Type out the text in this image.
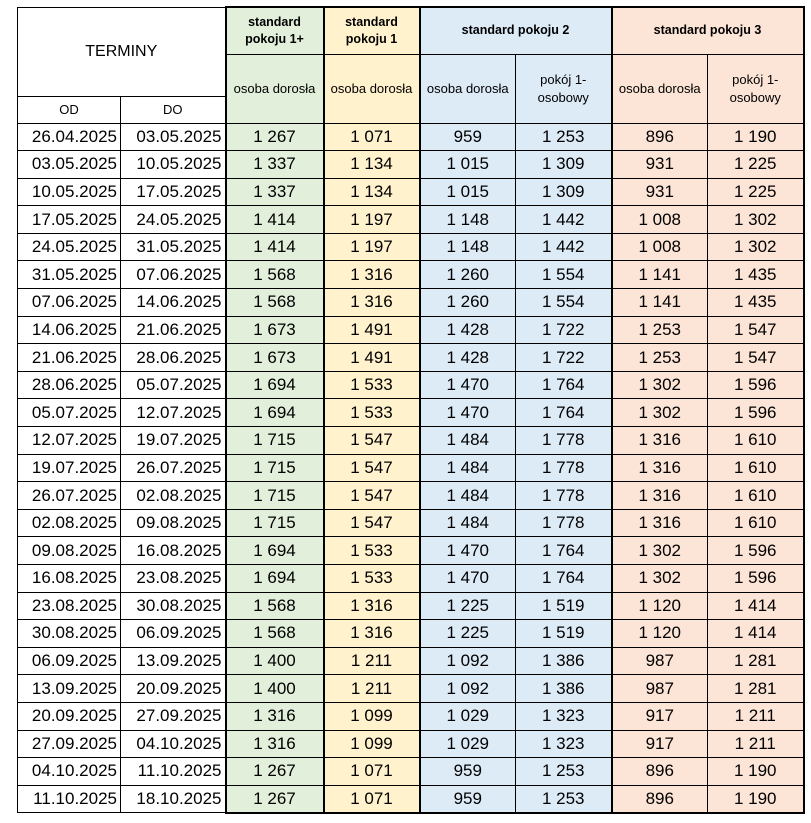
TERMINY		standard pokoju 1+	standard pokoju 1	standard pokoju 2		standard pokoju 3	
		osoba dorosła	osoba dorosła	osoba dorosła	pokój 1-osobowy	osoba dorosła	pokój 1-osobowy
OD	DO						
26.04.2025	03.05.2025	1 267	1 071	959	1 253	896	1 190
03.05.2025	10.05.2025	1 337	1 134	1 015	1 309	931	1 225
10.05.2025	17.05.2025	1 337	1 134	1 015	1 309	931	1 225
17.05.2025	24.05.2025	1 414	1 197	1 148	1 442	1 008	1 302
24.05.2025	31.05.2025	1 414	1 197	1 148	1 442	1 008	1 302
31.05.2025	07.06.2025	1 568	1 316	1 260	1 554	1 141	1 435
07.06.2025	14.06.2025	1 568	1 316	1 260	1 554	1 141	1 435
14.06.2025	21.06.2025	1 673	1 491	1 428	1 722	1 253	1 547
21.06.2025	28.06.2025	1 673	1 491	1 428	1 722	1 253	1 547
28.06.2025	05.07.2025	1 694	1 533	1 470	1 764	1 302	1 596
05.07.2025	12.07.2025	1 694	1 533	1 470	1 764	1 302	1 596
12.07.2025	19.07.2025	1 715	1 547	1 484	1 778	1 316	1 610
19.07.2025	26.07.2025	1 715	1 547	1 484	1 778	1 316	1 610
26.07.2025	02.08.2025	1 715	1 547	1 484	1 778	1 316	1 610
02.08.2025	09.08.2025	1 715	1 547	1 484	1 778	1 316	1 610
09.08.2025	16.08.2025	1 694	1 533	1 470	1 764	1 302	1 596
16.08.2025	23.08.2025	1 694	1 533	1 470	1 764	1 302	1 596
23.08.2025	30.08.2025	1 568	1 316	1 225	1 519	1 120	1 414
30.08.2025	06.09.2025	1 568	1 316	1 225	1 519	1 120	1 414
06.09.2025	13.09.2025	1 400	1 211	1 092	1 386	987	1 281
13.09.2025	20.09.2025	1 400	1 211	1 092	1 386	987	1 281
20.09.2025	27.09.2025	1 316	1 099	1 029	1 323	917	1 211
27.09.2025	04.10.2025	1 316	1 099	1 029	1 323	917	1 211
04.10.2025	11.10.2025	1 267	1 071	959	1 253	896	1 190
11.10.2025	18.10.2025	1 267	1 071	959	1 253	896	1 190
